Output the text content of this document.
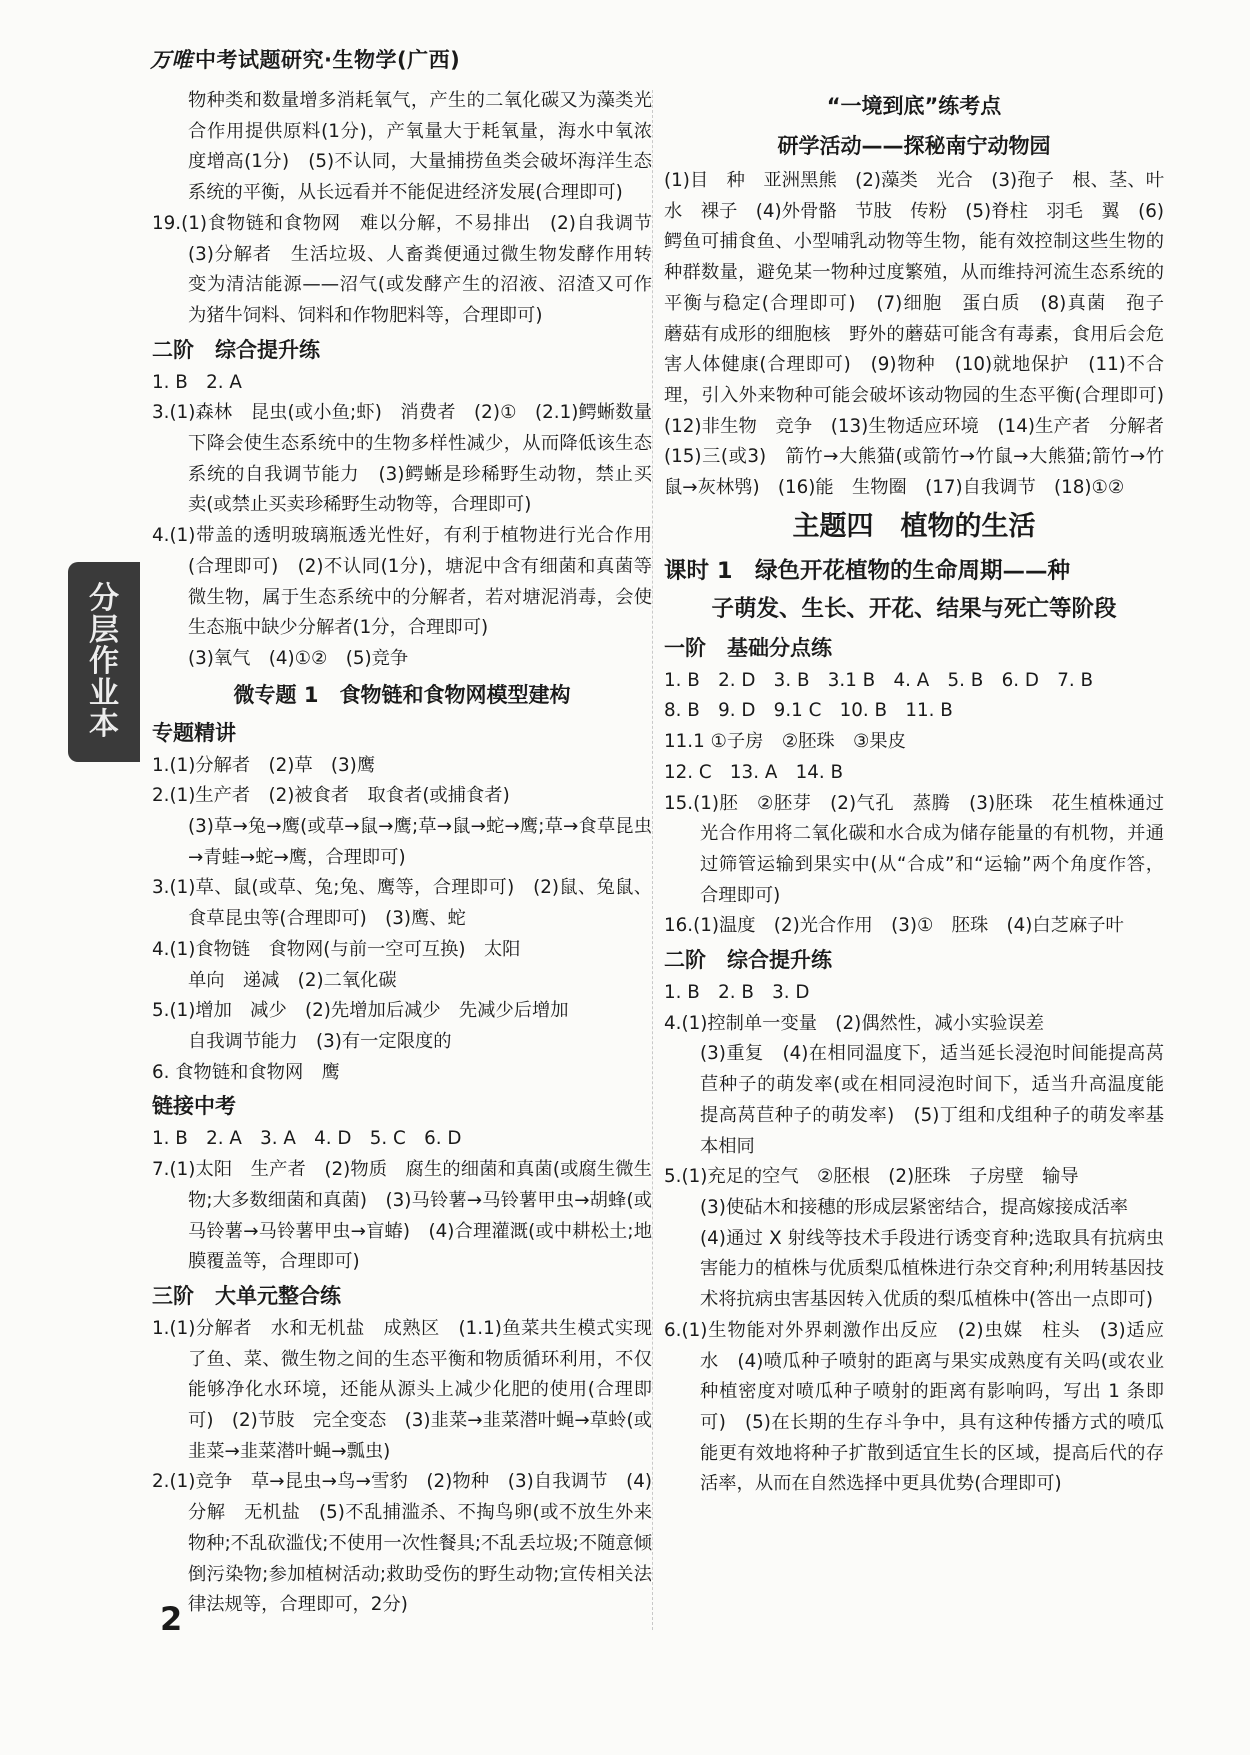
万唯中考试题研究·生物学(广西)
分
层
作
业
本

物种类和数量增多消耗氧气，产生的二氧化碳又为藻类光合作用提供原料(1分)，产氧量大于耗氧量，海水中氧浓度增高(1分)　(5)不认同，大量捕捞鱼类会破坏海洋生态系统的平衡，从长远看并不能促进经济发展(合理即可)

19.(1)食物链和食物网　难以分解，不易排出　(2)自我调节　(3)分解者　生活垃圾、人畜粪便通过微生物发酵作用转变为清洁能源——沼气(或发酵产生的沼液、沼渣又可作为猪牛饲料、饲料和作物肥料等，合理即可)

二阶　综合提升练

1. B　2. A

3.(1)森林　昆虫(或小鱼;虾)　消费者　(2)①　(2.1)鳄蜥数量下降会使生态系统中的生物多样性减少，从而降低该生态系统的自我调节能力　(3)鳄蜥是珍稀野生动物，禁止买卖(或禁止买卖珍稀野生动物等，合理即可)

4.(1)带盖的透明玻璃瓶透光性好，有利于植物进行光合作用(合理即可)　(2)不认同(1分)，塘泥中含有细菌和真菌等微生物，属于生态系统中的分解者，若对塘泥消毒，会使生态瓶中缺少分解者(1分，合理即可)

(3)氧气　(4)①②　(5)竞争

微专题 1　食物链和食物网模型建构

专题精讲

1.(1)分解者　(2)草　(3)鹰

2.(1)生产者　(2)被食者　取食者(或捕食者)

(3)草→兔→鹰(或草→鼠→鹰;草→鼠→蛇→鹰;草→食草昆虫→青蛙→蛇→鹰，合理即可)

3.(1)草、鼠(或草、兔;兔、鹰等，合理即可)　(2)鼠、兔鼠、食草昆虫等(合理即可)　(3)鹰、蛇

4.(1)食物链　食物网(与前一空可互换)　太阳

单向　递减　(2)二氧化碳

5.(1)增加　减少　(2)先增加后减少　先减少后增加

自我调节能力　(3)有一定限度的

6. 食物链和食物网　鹰

链接中考

1. B　2. A　3. A　4. D　5. C　6. D

7.(1)太阳　生产者　(2)物质　腐生的细菌和真菌(或腐生微生物;大多数细菌和真菌)　(3)马铃薯→马铃薯甲虫→胡蜂(或马铃薯→马铃薯甲虫→盲蝽)　(4)合理灌溉(或中耕松土;地膜覆盖等，合理即可)

三阶　大单元整合练

1.(1)分解者　水和无机盐　成熟区　(1.1)鱼菜共生模式实现了鱼、菜、微生物之间的生态平衡和物质循环利用，不仅能够净化水环境，还能从源头上减少化肥的使用(合理即可)　(2)节肢　完全变态　(3)韭菜→韭菜潜叶蝇→草蛉(或韭菜→韭菜潜叶蝇→瓢虫)

2.(1)竞争　草→昆虫→鸟→雪豹　(2)物种　(3)自我调节　(4)分解　无机盐　(5)不乱捕滥杀、不掏鸟卵(或不放生外来物种;不乱砍滥伐;不使用一次性餐具;不乱丢垃圾;不随意倾倒污染物;参加植树活动;救助受伤的野生动物;宣传相关法律法规等，合理即可，2分)

“一境到底”练考点

研学活动——探秘南宁动物园

(1)目　种　亚洲黑熊　(2)藻类　光合　(3)孢子　根、茎、叶　水　裸子　(4)外骨骼　节肢　传粉　(5)脊柱　羽毛　翼　(6)鳄鱼可捕食鱼、小型哺乳动物等生物，能有效控制这些生物的种群数量，避免某一物种过度繁殖，从而维持河流生态系统的平衡与稳定(合理即可)　(7)细胞　蛋白质　(8)真菌　孢子　蘑菇有成形的细胞核　野外的蘑菇可能含有毒素，食用后会危害人体健康(合理即可)　(9)物种　(10)就地保护　(11)不合理，引入外来物种可能会破坏该动物园的生态平衡(合理即可)　(12)非生物　竞争　(13)生物适应环境　(14)生产者　分解者　(15)三(或3)　箭竹→大熊猫(或箭竹→竹鼠→大熊猫;箭竹→竹鼠→灰林鸮)　(16)能　生物圈　(17)自我调节　(18)①②

主题四　植物的生活

课时 1　绿色开花植物的生命周期——种

子萌发、生长、开花、结果与死亡等阶段

一阶　基础分点练

1. B　2. D　3. B　3.1 B　4. A　5. B　6. D　7. B

8. B　9. D　9.1 C　10. B　11. B

11.1 ①子房　②胚珠　③果皮

12. C　13. A　14. B

15.(1)胚　②胚芽　(2)气孔　蒸腾　(3)胚珠　花生植株通过光合作用将二氧化碳和水合成为储存能量的有机物，并通过筛管运输到果实中(从“合成”和“运输”两个角度作答，合理即可)

16.(1)温度　(2)光合作用　(3)①　胚珠　(4)白芝麻子叶

二阶　综合提升练

1. B　2. B　3. D

4.(1)控制单一变量　(2)偶然性，减小实验误差

(3)重复　(4)在相同温度下，适当延长浸泡时间能提高莴苣种子的萌发率(或在相同浸泡时间下，适当升高温度能提高莴苣种子的萌发率)　(5)丁组和戊组种子的萌发率基本相同

5.(1)充足的空气　②胚根　(2)胚珠　子房壁　输导

(3)使砧木和接穗的形成层紧密结合，提高嫁接成活率

(4)通过 X 射线等技术手段进行诱变育种;选取具有抗病虫害能力的植株与优质梨瓜植株进行杂交育种;利用转基因技术将抗病虫害基因转入优质的梨瓜植株中(答出一点即可)

6.(1)生物能对外界刺激作出反应　(2)虫媒　柱头　(3)适应　水　(4)喷瓜种子喷射的距离与果实成熟度有关吗(或农业种植密度对喷瓜种子喷射的距离有影响吗，写出 1 条即可)　(5)在长期的生存斗争中，具有这种传播方式的喷瓜能更有效地将种子扩散到适宜生长的区域，提高后代的存活率，从而在自然选择中更具优势(合理即可)

2
